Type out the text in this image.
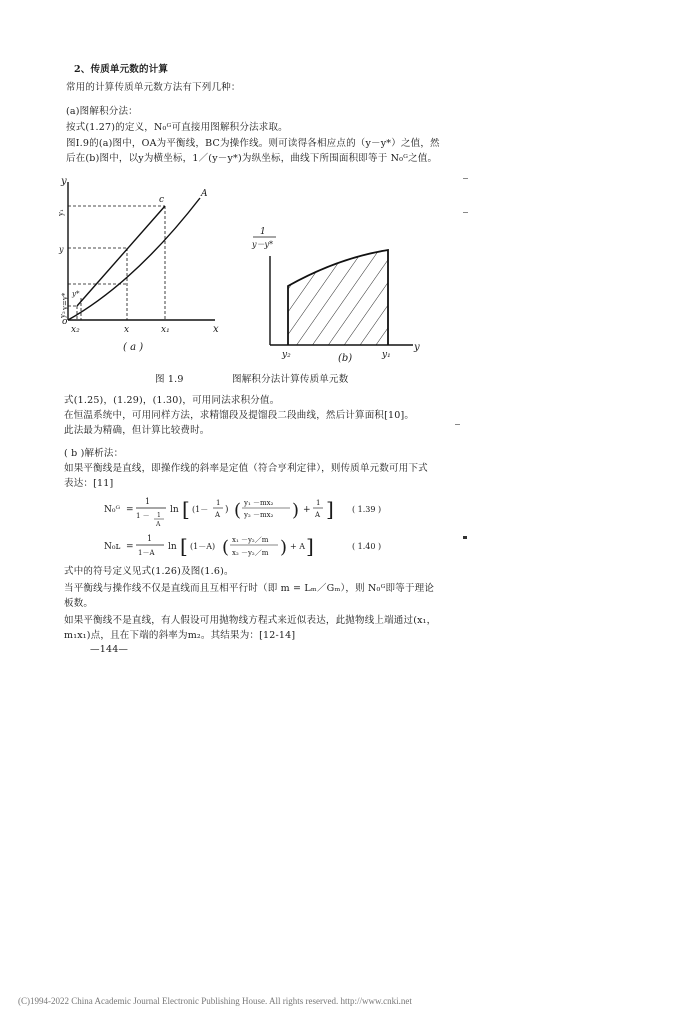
2、传质单元数的计算
常用的计算传质单元数方法有下列几种：
(a)图解积分法：
按式(1.27)的定义，N₀ᴳ可直接用图解积分法求取。
图Ⅰ.9的(a)图中，OA为平衡线，BC为操作线。则可读得各相应点的（y－y*）之值，然
后在(b)图中，以y为横坐标，1／(y－y*)为纵坐标，曲线下所围面积即等于 N₀ᴳ之值。
y
x
o
c
A
y₁
y
y=y*
y₂
y*
x₂	x	x₁
( a )
1
y－y*
y₂	y₁
y
(b)
图 1.9	图解积分法计算传质单元数
式(1.25)，(1.29)，(1.30)，可用同法求积分值。
在恒温系统中，可用同样方法，求精馏段及提馏段二段曲线，然后计算面积[10]。
此法最为精确，但计算比较费时。
( b )解析法：
如果平衡线是直线，即操作线的斜率是定值（符合亨利定律），则传质单元数可用下式
表达：[11]
N₀ᴳ =
1
1 － 1
A
ln [ (1－
1
A ) ( y₁ －mx₂
y₂ －mx₂ ) +
1
A ] ( 1.39 )
N₀ʟ =
1
1－A
ln [ (1－A) ( x₁ －y₂／m
x₂ －y₂／m ) + A ]	( 1.40 )
式中的符号定义见式(1.26)及图(1.6)。
当平衡线与操作线不仅是直线而且互相平行时（即 m = Lₘ／Gₘ），则 N₀ᴳ即等于理论
板数。
如果平衡线不是直线，有人假设可用抛物线方程式来近似表达，此抛物线上端通过(x₁，
m₁x₁)点，且在下端的斜率为m₂。其结果为：[12-14]
—144—
(C)1994-2022 China Academic Journal Electronic Publishing House. All rights reserved. http://www.cnki.net
